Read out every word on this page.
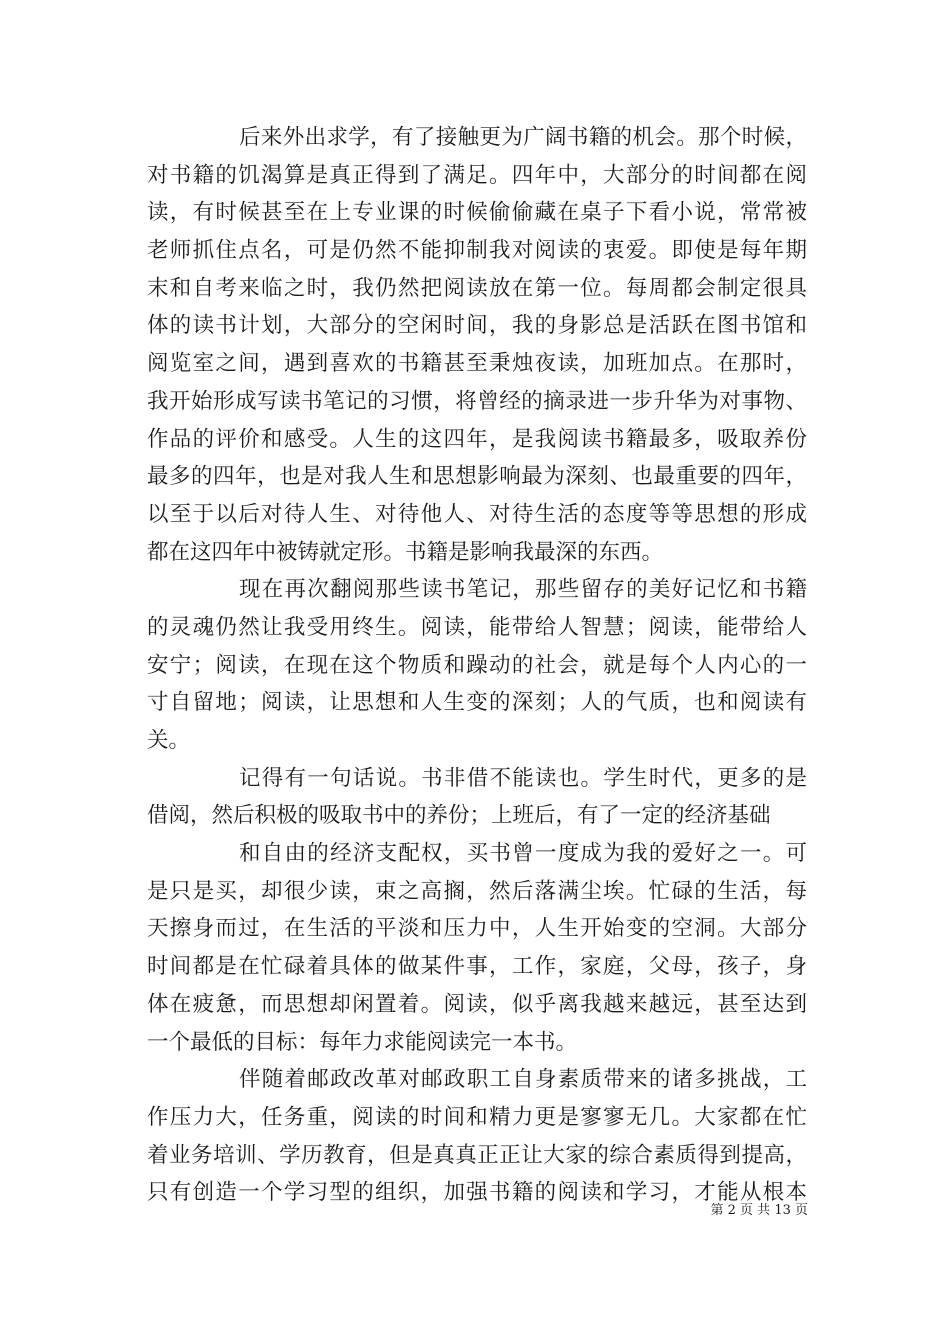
后来外出求学，有了接触更为广阔书籍的机会。那个时候，
对书籍的饥渴算是真正得到了满足。四年中，大部分的时间都在阅
读，有时候甚至在上专业课的时候偷偷藏在桌子下看小说，常常被
老师抓住点名，可是仍然不能抑制我对阅读的衷爱。即使是每年期
末和自考来临之时，我仍然把阅读放在第一位。每周都会制定很具
体的读书计划，大部分的空闲时间，我的身影总是活跃在图书馆和
阅览室之间，遇到喜欢的书籍甚至秉烛夜读，加班加点。在那时，
我开始形成写读书笔记的习惯，将曾经的摘录进一步升华为对事物、
作品的评价和感受。人生的这四年，是我阅读书籍最多，吸取养份
最多的四年，也是对我人生和思想影响最为深刻、也最重要的四年，
以至于以后对待人生、对待他人、对待生活的态度等等思想的形成
都在这四年中被铸就定形。书籍是影响我最深的东西。
现在再次翻阅那些读书笔记，那些留存的美好记忆和书籍
的灵魂仍然让我受用终生。阅读，能带给人智慧；阅读，能带给人
安宁；阅读，在现在这个物质和躁动的社会，就是每个人内心的一
寸自留地；阅读，让思想和人生变的深刻；人的气质，也和阅读有
关。
记得有一句话说。书非借不能读也。学生时代，更多的是
借阅，然后积极的吸取书中的养份；上班后，有了一定的经济基础
和自由的经济支配权，买书曾一度成为我的爱好之一。可
是只是买，却很少读，束之高搁，然后落满尘埃。忙碌的生活，每
天擦身而过，在生活的平淡和压力中，人生开始变的空洞。大部分
时间都是在忙碌着具体的做某件事，工作，家庭，父母，孩子，身
体在疲惫，而思想却闲置着。阅读，似乎离我越来越远，甚至达到
一个最低的目标：每年力求能阅读完一本书。
伴随着邮政改革对邮政职工自身素质带来的诸多挑战，工
作压力大，任务重，阅读的时间和精力更是寥寥无几。大家都在忙
着业务培训、学历教育，但是真真正正让大家的综合素质得到提高，
只有创造一个学习型的组织，加强书籍的阅读和学习，才能从根本
第 2 页 共 13 页
